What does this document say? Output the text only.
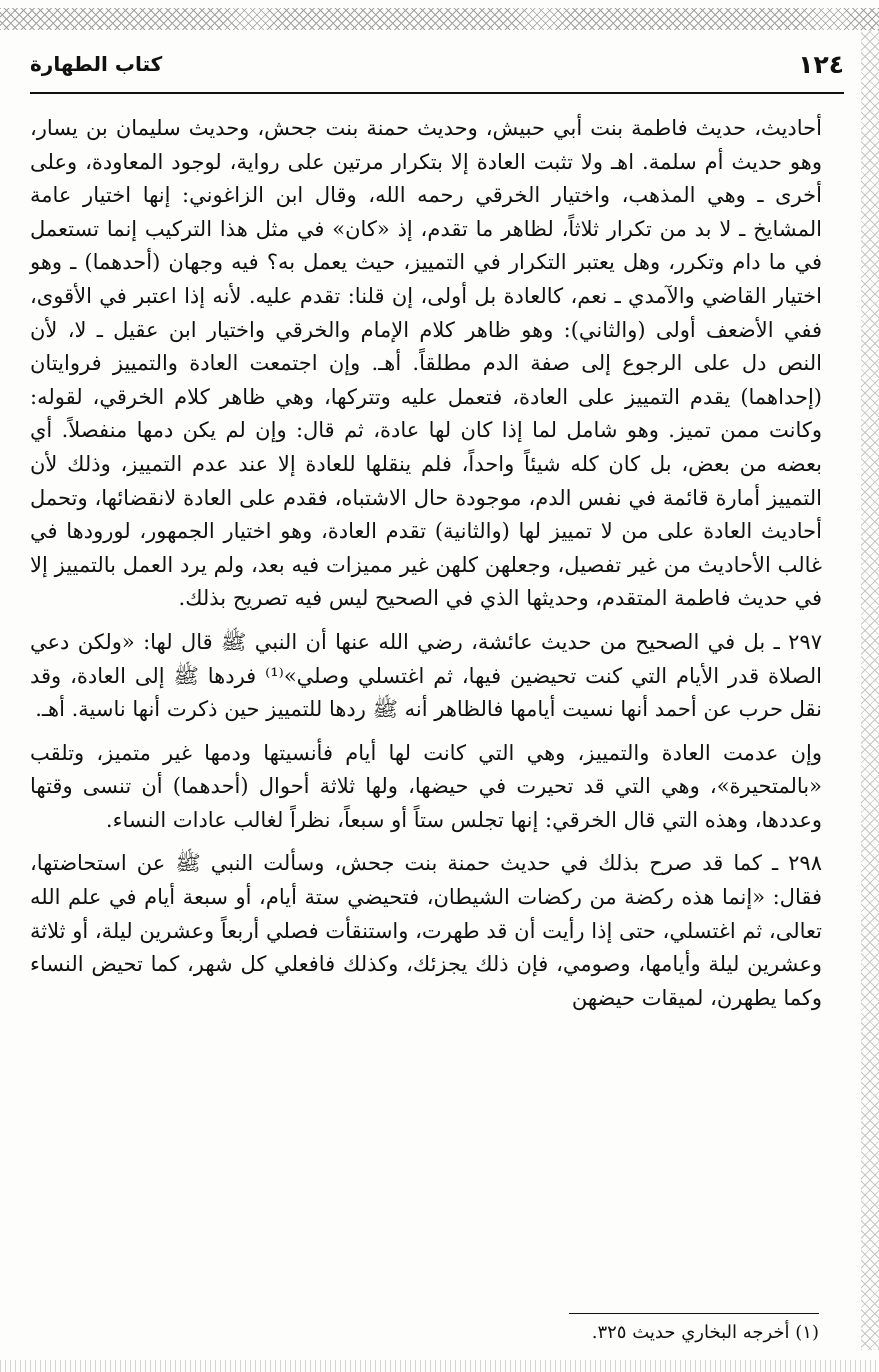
١٢٤
كتاب الطهارة

أحاديث، حديث فاطمة بنت أبي حبيش، وحديث حمنة بنت جحش، وحديث سليمان بن يسار، وهو حديث أم سلمة. اهـ ولا تثبت العادة إلا بتكرار مرتين على رواية، لوجود المعاودة، وعلى أخرى ـ وهي المذهب، واختيار الخرقي رحمه الله، وقال ابن الزاغوني: إنها اختيار عامة المشايخ ـ لا بد من تكرار ثلاثاً، لظاهر ما تقدم، إذ «كان» في مثل هذا التركيب إنما تستعمل في ما دام وتكرر، وهل يعتبر التكرار في التمييز، حيث يعمل به؟ فيه وجهان (أحدهما) ـ وهو اختيار القاضي والآمدي ـ نعم، كالعادة بل أولى، إن قلنا: تقدم عليه. لأنه إذا اعتبر في الأقوى، ففي الأضعف أولى (والثاني): وهو ظاهر كلام الإمام والخرقي واختيار ابن عقيل ـ لا، لأن النص دل على الرجوع إلى صفة الدم مطلقاً. أهـ. وإن اجتمعت العادة والتمييز فروايتان (إحداهما) يقدم التمييز على العادة، فتعمل عليه وتتركها، وهي ظاهر كلام الخرقي، لقوله: وكانت ممن تميز. وهو شامل لما إذا كان لها عادة، ثم قال: وإن لم يكن دمها منفصلاً. أي بعضه من بعض، بل كان كله شيئاً واحداً، فلم ينقلها للعادة إلا عند عدم التمييز، وذلك لأن التمييز أمارة قائمة في نفس الدم، موجودة حال الاشتباه، فقدم على العادة لانقضائها، وتحمل أحاديث العادة على من لا تمييز لها (والثانية) تقدم العادة، وهو اختيار الجمهور، لورودها في غالب الأحاديث من غير تفصيل، وجعلهن كلهن غير مميزات فيه بعد، ولم يرد العمل بالتمييز إلا في حديث فاطمة المتقدم، وحديثها الذي في الصحيح ليس فيه تصريح بذلك.

٢٩٧ ـ بل في الصحيح من حديث عائشة، رضي الله عنها أن النبي ﷺ قال لها: «ولكن دعي الصلاة قدر الأيام التي كنت تحيضين فيها، ثم اغتسلي وصلي»⁽¹⁾ فردها ﷺ إلى العادة، وقد نقل حرب عن أحمد أنها نسيت أيامها فالظاهر أنه ﷺ ردها للتمييز حين ذكرت أنها ناسية. أهـ.

وإن عدمت العادة والتمييز، وهي التي كانت لها أيام فأنسيتها ودمها غير متميز، وتلقب «بالمتحيرة»، وهي التي قد تحيرت في حيضها، ولها ثلاثة أحوال (أحدهما) أن تنسى وقتها وعددها، وهذه التي قال الخرقي: إنها تجلس ستاً أو سبعاً، نظراً لغالب عادات النساء.

٢٩٨ ـ كما قد صرح بذلك في حديث حمنة بنت جحش، وسألت النبي ﷺ عن استحاضتها، فقال: «إنما هذه ركضة من ركضات الشيطان، فتحيضي ستة أيام، أو سبعة أيام في علم الله تعالى، ثم اغتسلي، حتى إذا رأيت أن قد طهرت، واستنقأت فصلي أربعاً وعشرين ليلة، أو ثلاثة وعشرين ليلة وأيامها، وصومي، فإن ذلك يجزئك، وكذلك فافعلي كل شهر، كما تحيض النساء وكما يطهرن، لميقات حيضهن

(١) أخرجه البخاري حديث ٣٢٥.
